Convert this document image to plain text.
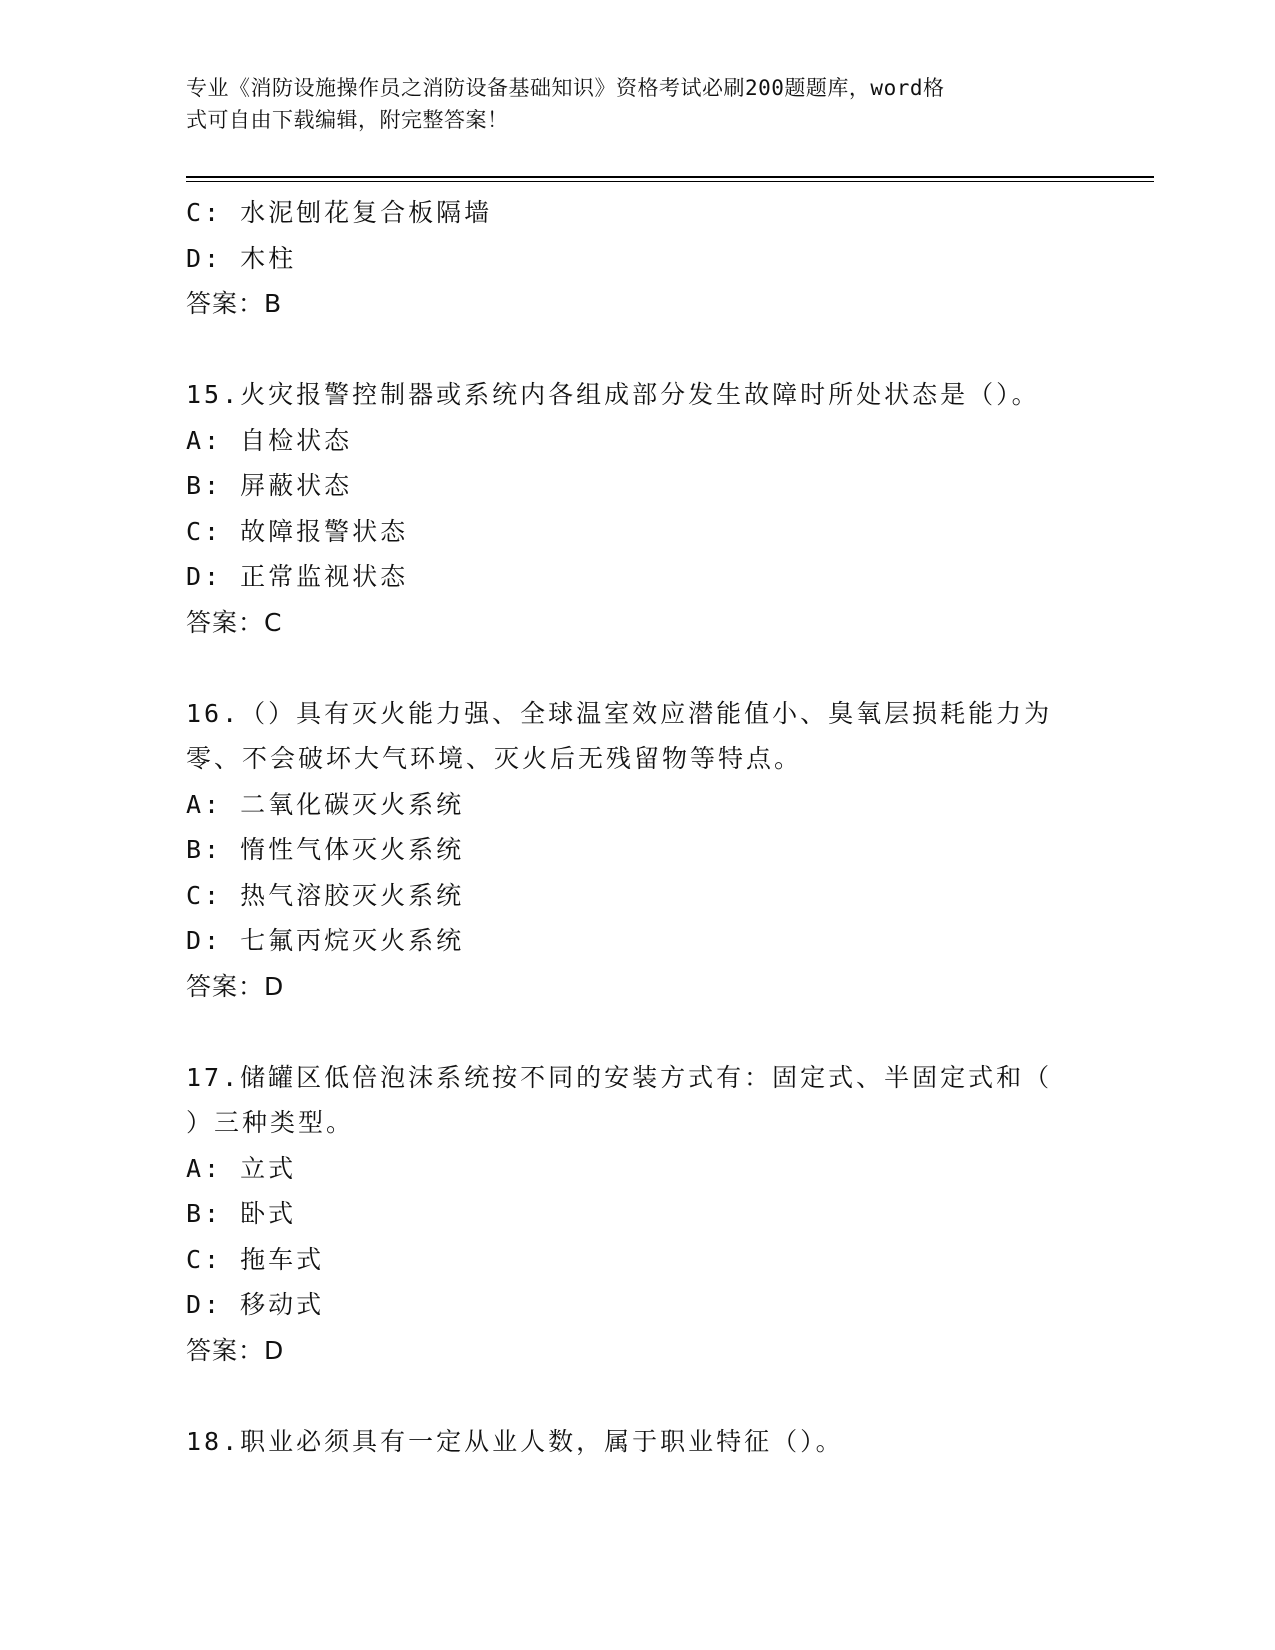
专业《消防设施操作员之消防设备基础知识》资格考试必刷200题题库，word格
式可自由下载编辑，附完整答案！
C: 水泥刨花复合板隔墙
D: 木柱
答案：B
15.火灾报警控制器或系统内各组成部分发生故障时所处状态是（）。
A: 自检状态
B: 屏蔽状态
C: 故障报警状态
D: 正常监视状态
答案：C
16.（）具有灭火能力强、全球温室效应潜能值小、臭氧层损耗能力为
零、不会破坏大气环境、灭火后无残留物等特点。
A: 二氧化碳灭火系统
B: 惰性气体灭火系统
C: 热气溶胶灭火系统
D: 七氟丙烷灭火系统
答案：D
17.储罐区低倍泡沫系统按不同的安装方式有：固定式、半固定式和（
）三种类型。
A: 立式
B: 卧式
C: 拖车式
D: 移动式
答案：D
18.职业必须具有一定从业人数，属于职业特征（）。
